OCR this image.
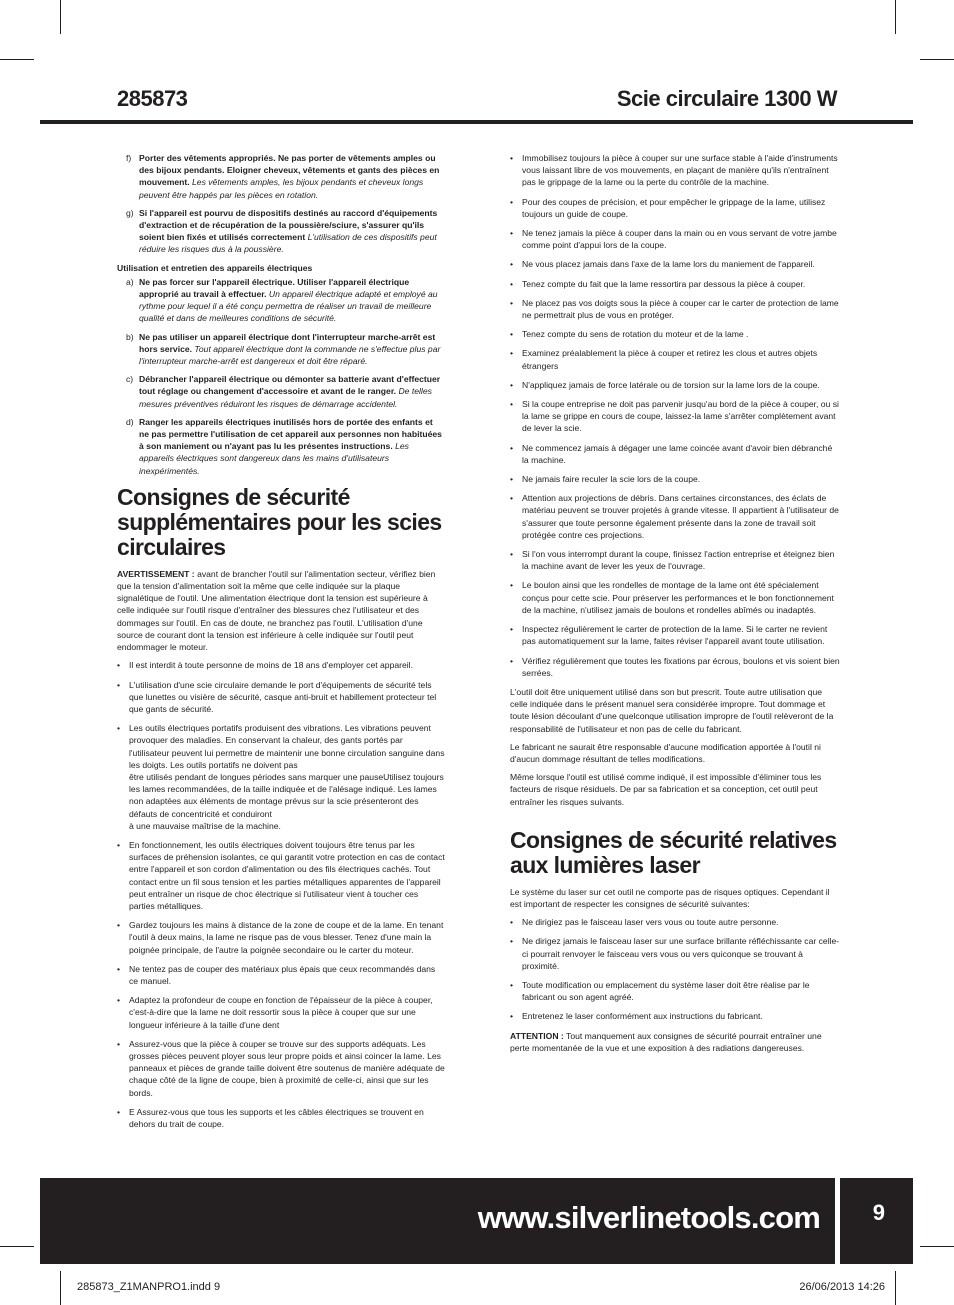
285873	Scie circulaire 1300 W
f) Porter des vêtements appropriés. Ne pas porter de vêtements amples ou des bijoux pendants. Eloigner cheveux, vêtements et gants des pièces en mouvement. Les vêtements amples, les bijoux pendants et cheveux longs peuvent être happés par les pièces en rotation.
g) Si l'appareil est pourvu de dispositifs destinés au raccord d'équipements d'extraction et de récupération de la poussière/sciure, s'assurer qu'ils soient bien fixés et utilisés correctement L'utilisation de ces dispositifs peut réduire les risques dus à la poussière.
Utilisation et entretien des appareils électriques
a) Ne pas forcer sur l'appareil électrique. Utiliser l'appareil électrique approprié au travail à effectuer. Un appareil électrique adapté et employé au rythme pour lequel il a été conçu permettra de réaliser un travail de meilleure qualité et dans de meilleures conditions de sécurité.
b) Ne pas utiliser un appareil électrique dont l'interrupteur marche-arrêt est hors service. Tout appareil électrique dont la commande ne s'effectue plus par l'interrupteur marche-arrêt est dangereux et doit être réparé.
c) Débrancher l'appareil électrique ou démonter sa batterie avant d'effectuer tout réglage ou changement d'accessoire et avant de le ranger. De telles mesures préventives réduiront les risques de démarrage accidentel.
d) Ranger les appareils électriques inutilisés hors de portée des enfants et ne pas permettre l'utilisation de cet appareil aux personnes non habituées à son maniement ou n'ayant pas lu les présentes instructions. Les appareils électriques sont dangereux dans les mains d'utilisateurs inexpérimentés.
Consignes de sécurité supplémentaires pour les scies circulaires

AVERTISSEMENT : avant de brancher l'outil sur l'alimentation secteur, vérifiez bien que la tension d'alimentation soit la même que celle indiquée sur la plaque signalétique de l'outil. Une alimentation électrique dont la tension est supérieure à celle indiquée sur l'outil risque d'entraîner des blessures chez l'utilisateur et des dommages sur l'outil. En cas de doute, ne branchez pas l'outil. L'utilisation d'une source de courant dont la tension est inférieure à celle indiquée sur l'outil peut endommager le moteur.

• Il est interdit à toute personne de moins de 18 ans d'employer cet appareil.
• L'utilisation d'une scie circulaire demande le port d'équipements de sécurité tels que lunettes ou visière de sécurité, casque anti-bruit et habillement protecteur tel que gants de sécurité.
• Les outils électriques portatifs produisent des vibrations. Les vibrations peuvent provoquer des maladies. En conservant la chaleur, des gants portés par l'utilisateur peuvent lui permettre de maintenir une bonne circulation sanguine dans les doigts. Les outils portatifs ne doivent pas
être utilisés pendant de longues périodes sans marquer une pauseUtilisez toujours les lames recommandées, de la taille indiquée et de l'alésage indiqué. Les lames non adaptées aux éléments de montage prévus sur la scie présenteront des défauts de concentricité et conduiront
à une mauvaise maîtrise de la machine.
• En fonctionnement, les outils électriques doivent toujours être tenus par les surfaces de préhension isolantes, ce qui garantit votre protection en cas de contact entre l'appareil et son cordon d'alimentation ou des fils électriques cachés. Tout contact entre un fil sous tension et les parties métalliques apparentes de l'appareil peut entraîner un risque de choc électrique si l'utilisateur vient à toucher ces parties métalliques.
• Gardez toujours les mains à distance de la zone de coupe et de la lame. En tenant l'outil à deux mains, la lame ne risque pas de vous blesser. Tenez d'une main la poignée principale, de l'autre la poignée secondaire ou le carter du moteur.
• Ne tentez pas de couper des matériaux plus épais que ceux recommandés dans ce manuel.
• Adaptez la profondeur de coupe en fonction de l'épaisseur de la pièce à couper, c'est-à-dire que la lame ne doit ressortir sous la pièce à couper que sur une longueur inférieure à la taille d'une dent
• Assurez-vous que la pièce à couper se trouve sur des supports adéquats. Les grosses pièces peuvent ployer sous leur propre poids et ainsi coincer la lame. Les panneaux et pièces de grande taille doivent être soutenus de manière adéquate de chaque côté de la ligne de coupe, bien à proximité de celle-ci, ainsi que sur les bords.
• E Assurez-vous que tous les supports et les câbles électriques se trouvent en dehors du trait de coupe.
• Immobilisez toujours la pièce à couper sur une surface stable à l'aide d'instruments vous laissant libre de vos mouvements, en plaçant de manière qu'ils n'entraînent pas le grippage de la lame ou la perte du contrôle de la machine.
• Pour des coupes de précision, et pour empêcher le grippage de la lame, utilisez toujours un guide de coupe.
• Ne tenez jamais la pièce à couper dans la main ou en vous servant de votre jambe comme point d'appui lors de la coupe.
• Ne vous placez jamais dans l'axe de la lame lors du maniement de l'appareil.
• Tenez compte du fait que la lame ressortira par dessous la pièce à couper.
• Ne placez pas vos doigts sous la pièce à couper car le carter de protection de lame ne permettrait plus de vous en protéger.
• Tenez compte du sens de rotation du moteur et de la lame .
• Examinez préalablement la pièce à couper et retirez les clous et autres objets étrangers
• N'appliquez jamais de force latérale ou de torsion sur la lame lors de la coupe.
• Si la coupe entreprise ne doit pas parvenir jusqu'au bord de la pièce à couper, ou si la lame se grippe en cours de coupe, laissez-la lame s'arrêter complètement avant de lever la scie.
• Ne commencez jamais à dégager une lame coincée avant d'avoir bien débranché la machine.
• Ne jamais faire reculer la scie lors de la coupe.
• Attention aux projections de débris. Dans certaines circonstances, des éclats de matériau peuvent se trouver projetés à grande vitesse. Il appartient à l'utilisateur de s'assurer que toute personne également présente dans la zone de travail soit protégée contre ces projections.
• Si l'on vous interrompt durant la coupe, finissez l'action entreprise et éteignez bien la machine avant de lever les yeux de l'ouvrage.
• Le boulon ainsi que les rondelles de montage de la lame ont été spécialement conçus pour cette scie. Pour préserver les performances et le bon fonctionnement de la machine, n'utilisez jamais de boulons et rondelles abîmés ou inadaptés.
• Inspectez régulièrement le carter de protection de la lame. Si le carter ne revient pas automatiquement sur la lame, faites réviser l'appareil avant toute utilisation.
• Vérifiez régulièrement que toutes les fixations par écrous, boulons et vis soient bien serrées.

L'outil doit être uniquement utilisé dans son but prescrit. Toute autre utilisation que celle indiquée dans le présent manuel sera considérée impropre. Tout dommage et toute lésion découlant d'une quelconque utilisation impropre de l'outil relèveront de la responsabilité de l'utilisateur et non pas de celle du fabricant.

Le fabricant ne saurait être responsable d'aucune modification apportée à l'outil ni d'aucun dommage résultant de telles modifications.

Même lorsque l'outil est utilisé comme indiqué, il est impossible d'éliminer tous les facteurs de risque résiduels. De par sa fabrication et sa conception, cet outil peut entraîner les risques suivants.

Consignes de sécurité relatives aux lumières laser

Le système du laser sur cet outil ne comporte pas de risques optiques. Cependant il est important de respecter les consignes de sécurité suivantes:

• Ne dirigiez pas le faisceau laser vers vous ou toute autre personne.
• Ne dirigez jamais le faisceau laser sur une surface brillante réfléchissante car celle-ci pourrait renvoyer le faisceau vers vous ou vers quiconque se trouvant à proximité.
• Toute modification ou emplacement du système laser doit être réalise par le fabricant ou son agent agréé.
• Entretenez le laser conformément aux instructions du fabricant.

ATTENTION : Tout manquement aux consignes de sécurité pourrait entraîner une perte momentanée de la vue et une exposition à des radiations dangereuses.

www.silverlinetools.com 9
285873_Z1MANPRO1.indd 9	26/06/2013 14:26
